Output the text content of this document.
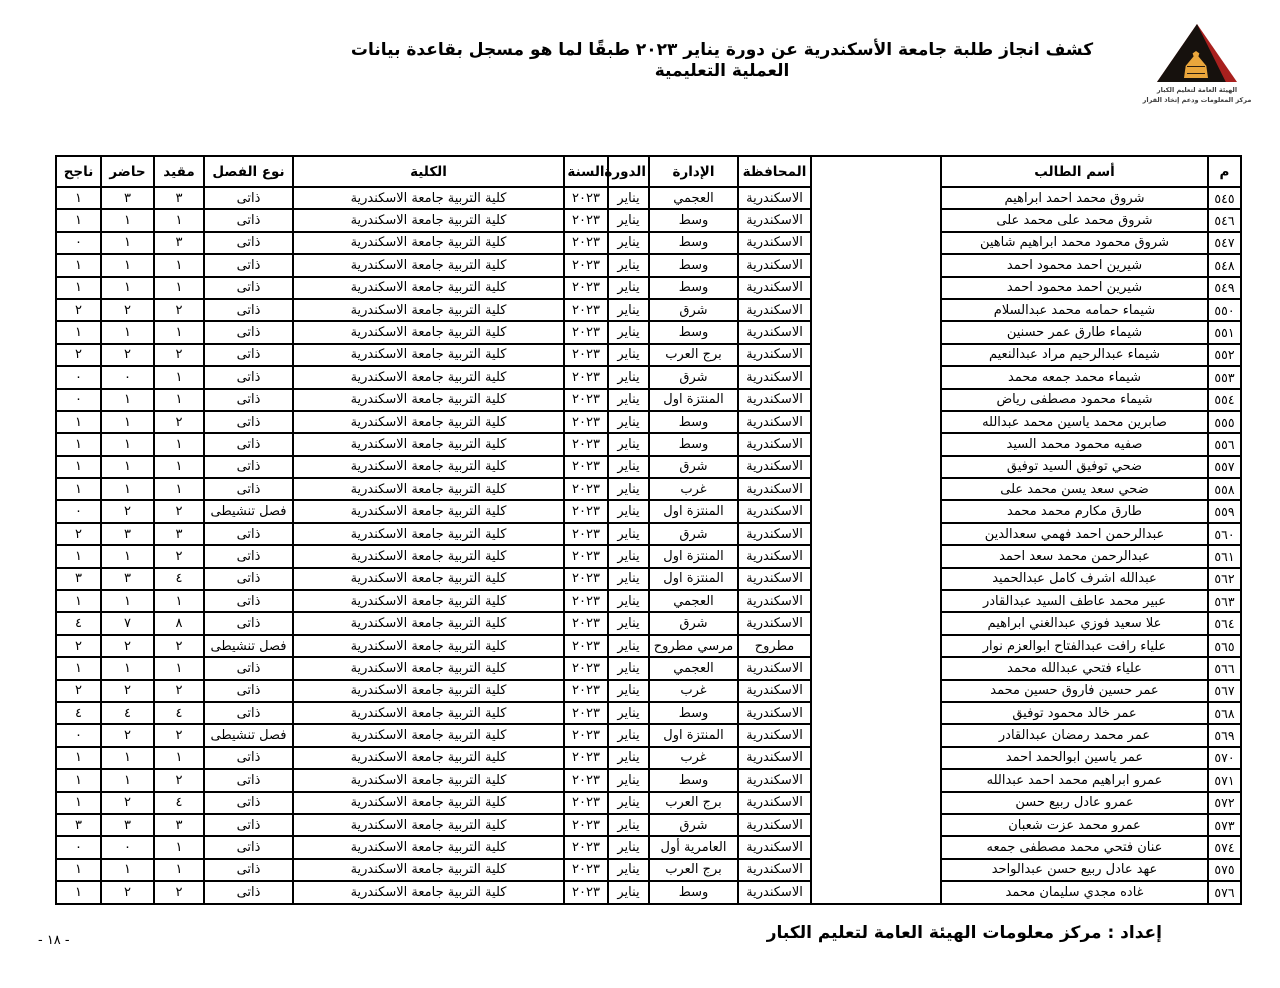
كشف انجاز طلبة جامعة الأسكندرية عن دورة يناير ٢٠٢٣ طبقًا لما هو مسجل بقاعدة بيانات العملية التعليمية
الهيئة العامة لتعليم الكبار
مركز المعلومات ودعم إتخاذ القرار
م	أسم الطالب		المحافظة	الإدارة	الدورة	السنة	الكلية	نوع الفصل	مقيد	حاضر	ناجح
٥٤٥	شروق محمد احمد ابراهيم		الاسكندرية	العجمي	يناير	٢٠٢٣	كلية التربية جامعة الاسكندرية	ذاتى	٣	٣	١
٥٤٦	شروق محمد على محمد على		الاسكندرية	وسط	يناير	٢٠٢٣	كلية التربية جامعة الاسكندرية	ذاتى	١	١	١
٥٤٧	شروق محمود محمد ابراهيم شاهين		الاسكندرية	وسط	يناير	٢٠٢٣	كلية التربية جامعة الاسكندرية	ذاتى	٣	١	٠
٥٤٨	شيرين احمد محمود احمد		الاسكندرية	وسط	يناير	٢٠٢٣	كلية التربية جامعة الاسكندرية	ذاتى	١	١	١
٥٤٩	شيرين احمد محمود احمد		الاسكندرية	وسط	يناير	٢٠٢٣	كلية التربية جامعة الاسكندرية	ذاتى	١	١	١
٥٥٠	شيماء حمامه محمد عبدالسلام		الاسكندرية	شرق	يناير	٢٠٢٣	كلية التربية جامعة الاسكندرية	ذاتى	٢	٢	٢
٥٥١	شيماء طارق عمر حسنين		الاسكندرية	وسط	يناير	٢٠٢٣	كلية التربية جامعة الاسكندرية	ذاتى	١	١	١
٥٥٢	شيماء عبدالرحيم مراد عبدالنعيم		الاسكندرية	برج العرب	يناير	٢٠٢٣	كلية التربية جامعة الاسكندرية	ذاتى	٢	٢	٢
٥٥٣	شيماء محمد جمعه محمد		الاسكندرية	شرق	يناير	٢٠٢٣	كلية التربية جامعة الاسكندرية	ذاتى	١	٠	٠
٥٥٤	شيماء محمود مصطفى رياض		الاسكندرية	المنتزة اول	يناير	٢٠٢٣	كلية التربية جامعة الاسكندرية	ذاتى	١	١	٠
٥٥٥	صابرين محمد ياسين محمد عبدالله		الاسكندرية	وسط	يناير	٢٠٢٣	كلية التربية جامعة الاسكندرية	ذاتى	٢	١	١
٥٥٦	صفيه محمود محمد السيد		الاسكندرية	وسط	يناير	٢٠٢٣	كلية التربية جامعة الاسكندرية	ذاتى	١	١	١
٥٥٧	ضحي توفيق السيد توفيق		الاسكندرية	شرق	يناير	٢٠٢٣	كلية التربية جامعة الاسكندرية	ذاتى	١	١	١
٥٥٨	ضحي سعد يسن محمد على		الاسكندرية	غرب	يناير	٢٠٢٣	كلية التربية جامعة الاسكندرية	ذاتى	١	١	١
٥٥٩	طارق مكارم محمد محمد		الاسكندرية	المنتزة اول	يناير	٢٠٢٣	كلية التربية جامعة الاسكندرية	فصل تنشيطى	٢	٢	٠
٥٦٠	عبدالرحمن احمد فهمي سعدالدين		الاسكندرية	شرق	يناير	٢٠٢٣	كلية التربية جامعة الاسكندرية	ذاتى	٣	٣	٢
٥٦١	عبدالرحمن محمد سعد احمد		الاسكندرية	المنتزة اول	يناير	٢٠٢٣	كلية التربية جامعة الاسكندرية	ذاتى	٢	١	١
٥٦٢	عبدالله اشرف كامل عبدالحميد		الاسكندرية	المنتزة اول	يناير	٢٠٢٣	كلية التربية جامعة الاسكندرية	ذاتى	٤	٣	٣
٥٦٣	عبير محمد عاطف السيد عبدالقادر		الاسكندرية	العجمي	يناير	٢٠٢٣	كلية التربية جامعة الاسكندرية	ذاتى	١	١	١
٥٦٤	علا سعيد فوزي عبدالغني ابراهيم		الاسكندرية	شرق	يناير	٢٠٢٣	كلية التربية جامعة الاسكندرية	ذاتى	٨	٧	٤
٥٦٥	علياء رافت عبدالفتاح ابوالعزم نوار		مطروح	مرسي مطروح	يناير	٢٠٢٣	كلية التربية جامعة الاسكندرية	فصل تنشيطى	٢	٢	٢
٥٦٦	علياء فتحي عبدالله محمد		الاسكندرية	العجمي	يناير	٢٠٢٣	كلية التربية جامعة الاسكندرية	ذاتى	١	١	١
٥٦٧	عمر حسين فاروق حسين محمد		الاسكندرية	غرب	يناير	٢٠٢٣	كلية التربية جامعة الاسكندرية	ذاتى	٢	٢	٢
٥٦٨	عمر خالد محمود توفيق		الاسكندرية	وسط	يناير	٢٠٢٣	كلية التربية جامعة الاسكندرية	ذاتى	٤	٤	٤
٥٦٩	عمر محمد رمضان عبدالقادر		الاسكندرية	المنتزة اول	يناير	٢٠٢٣	كلية التربية جامعة الاسكندرية	فصل تنشيطى	٢	٢	٠
٥٧٠	عمر ياسين ابوالحمد احمد		الاسكندرية	غرب	يناير	٢٠٢٣	كلية التربية جامعة الاسكندرية	ذاتى	١	١	١
٥٧١	عمرو ابراهيم محمد احمد عبدالله		الاسكندرية	وسط	يناير	٢٠٢٣	كلية التربية جامعة الاسكندرية	ذاتى	٢	١	١
٥٧٢	عمرو عادل ربيع حسن		الاسكندرية	برج العرب	يناير	٢٠٢٣	كلية التربية جامعة الاسكندرية	ذاتى	٤	٢	١
٥٧٣	عمرو محمد عزت شعبان		الاسكندرية	شرق	يناير	٢٠٢٣	كلية التربية جامعة الاسكندرية	ذاتى	٣	٣	٣
٥٧٤	عنان فتحي محمد مصطفى جمعه		الاسكندرية	العامرية أول	يناير	٢٠٢٣	كلية التربية جامعة الاسكندرية	ذاتى	١	٠	٠
٥٧٥	عهد عادل ربيع حسن عبدالواحد		الاسكندرية	برج العرب	يناير	٢٠٢٣	كلية التربية جامعة الاسكندرية	ذاتى	١	١	١
٥٧٦	غاده مجدي سليمان محمد		الاسكندرية	وسط	يناير	٢٠٢٣	كلية التربية جامعة الاسكندرية	ذاتى	٢	٢	١
إعداد : مركز معلومات الهيئة العامة لتعليم الكبار
- ١٨ -
